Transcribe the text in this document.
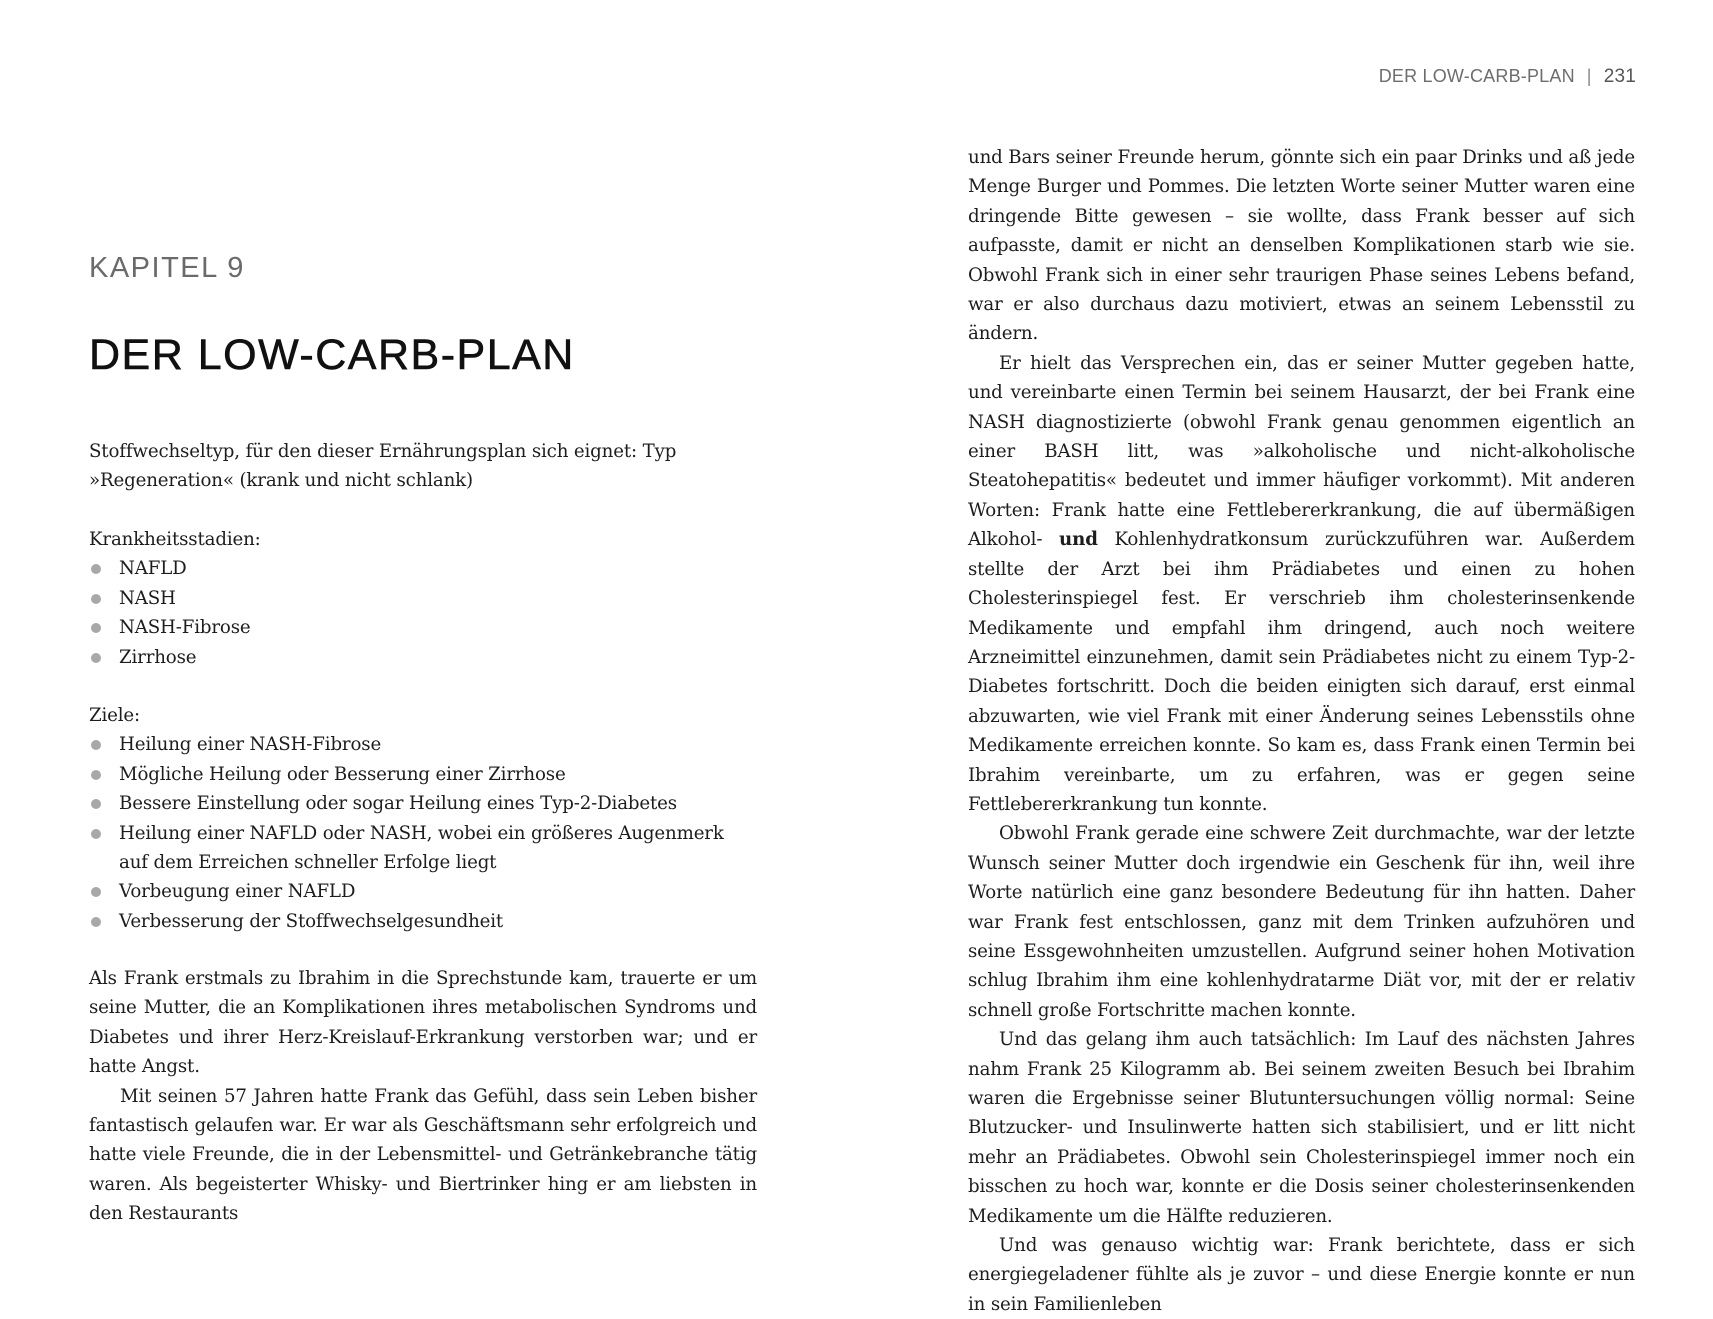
DER LOW-CARB-PLAN | 231
KAPITEL 9
DER LOW-CARB-PLAN

Stoffwechseltyp, für den dieser Ernährungsplan sich eignet: Typ »Regeneration« (krank und nicht schlank)

Krankheitsstadien:
NAFLD
NASH
NASH-Fibrose
Zirrhose
Ziele:
Heilung einer NASH-Fibrose
Mögliche Heilung oder Besserung einer Zirrhose
Bessere Einstellung oder sogar Heilung eines Typ-2-Diabetes
Heilung einer NAFLD oder NASH, wobei ein größeres Augenmerk auf dem Erreichen schneller Erfolge liegt
Vorbeugung einer NAFLD
Verbesserung der Stoffwechselgesundheit

Als Frank erstmals zu Ibrahim in die Sprechstunde kam, trauerte er um seine Mutter, die an Komplikationen ihres metabolischen Syndroms und Diabetes und ihrer Herz-Kreislauf-Erkrankung verstorben war; und er hatte Angst.

Mit seinen 57 Jahren hatte Frank das Gefühl, dass sein Leben bisher fantastisch gelaufen war. Er war als Geschäftsmann sehr erfolgreich und hatte viele Freunde, die in der Lebensmittel- und Getränkebranche tätig waren. Als begeisterter Whisky- und Biertrinker hing er am liebsten in den Restaurants

und Bars seiner Freunde herum, gönnte sich ein paar Drinks und aß jede Menge Burger und Pommes. Die letzten Worte seiner Mutter waren eine dringende Bitte gewesen – sie wollte, dass Frank besser auf sich aufpasste, damit er nicht an denselben Komplikationen starb wie sie. Obwohl Frank sich in einer sehr traurigen Phase seines Lebens befand, war er also durchaus dazu motiviert, etwas an seinem Lebensstil zu ändern.

Er hielt das Versprechen ein, das er seiner Mutter gegeben hatte, und vereinbarte einen Termin bei seinem Hausarzt, der bei Frank eine NASH diagnostizierte (obwohl Frank genau genommen eigentlich an einer BASH litt, was »alkoholische und nicht-alkoholische Steatohepatitis« bedeutet und immer häufiger vorkommt). Mit anderen Worten: Frank hatte eine Fettlebererkrankung, die auf übermäßigen Alkohol- und Kohlenhydratkonsum zurückzuführen war. Außerdem stellte der Arzt bei ihm Prädiabetes und einen zu hohen Cholesterinspiegel fest. Er verschrieb ihm cholesterinsenkende Medikamente und empfahl ihm dringend, auch noch weitere Arzneimittel einzunehmen, damit sein Prädiabetes nicht zu einem Typ-2-Diabetes fortschritt. Doch die beiden einigten sich darauf, erst einmal abzuwarten, wie viel Frank mit einer Änderung seines Lebensstils ohne Medikamente erreichen konnte. So kam es, dass Frank einen Termin bei Ibrahim vereinbarte, um zu erfahren, was er gegen seine Fettlebererkrankung tun konnte.

Obwohl Frank gerade eine schwere Zeit durchmachte, war der letzte Wunsch seiner Mutter doch irgendwie ein Geschenk für ihn, weil ihre Worte natürlich eine ganz besondere Bedeutung für ihn hatten. Daher war Frank fest entschlossen, ganz mit dem Trinken aufzuhören und seine Essgewohnheiten umzustellen. Aufgrund seiner hohen Motivation schlug Ibrahim ihm eine kohlenhydratarme Diät vor, mit der er relativ schnell große Fortschritte machen konnte.

Und das gelang ihm auch tatsächlich: Im Lauf des nächsten Jahres nahm Frank 25 Kilogramm ab. Bei seinem zweiten Besuch bei Ibrahim waren die Ergebnisse seiner Blutuntersuchungen völlig normal: Seine Blutzucker- und Insulinwerte hatten sich stabilisiert, und er litt nicht mehr an Prädiabetes. Obwohl sein Cholesterinspiegel immer noch ein bisschen zu hoch war, konnte er die Dosis seiner cholesterinsenkenden Medikamente um die Hälfte reduzieren.

Und was genauso wichtig war: Frank berichtete, dass er sich energiegeladener fühlte als je zuvor – und diese Energie konnte er nun in sein Familienleben
